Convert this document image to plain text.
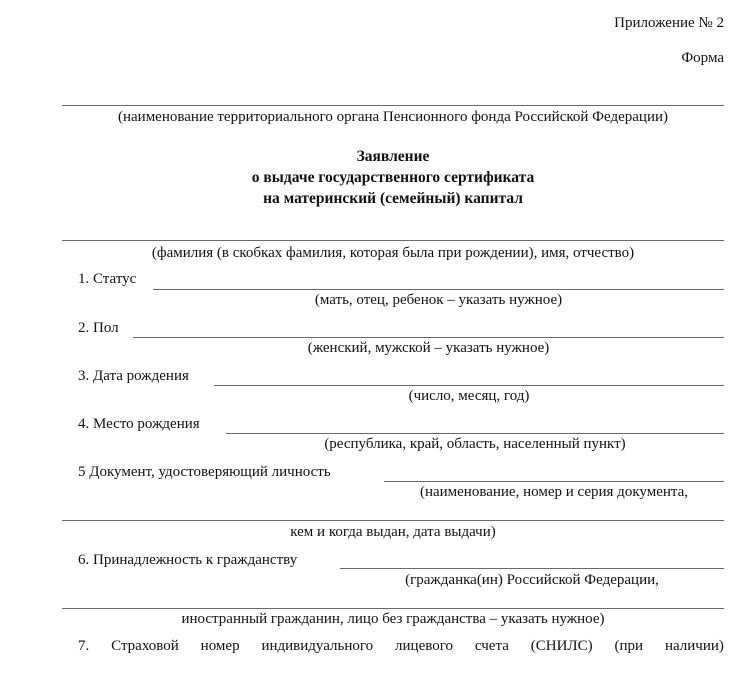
Приложение № 2
Форма
(наименование территориального органа Пенсионного фонда Российской Федерации)
Заявление
о выдаче государственного сертификата
на материнский (семейный) капитал
(фамилия (в скобках фамилия, которая была при рождении), имя, отчество)
1. Статус
(мать, отец, ребенок – указать нужное)
2. Пол
(женский, мужской – указать нужное)
3. Дата рождения
(число, месяц, год)
4. Место рождения
(республика, край, область, населенный пункт)
5 Документ, удостоверяющий личность
(наименование, номер и серия документа,
кем и когда выдан, дата выдачи)
6. Принадлежность к гражданству
(гражданка(ин) Российской Федерации,
иностранный гражданин, лицо без гражданства – указать нужное)
7. Страховой номер индивидуального лицевого счета (СНИЛС) (при наличии)
